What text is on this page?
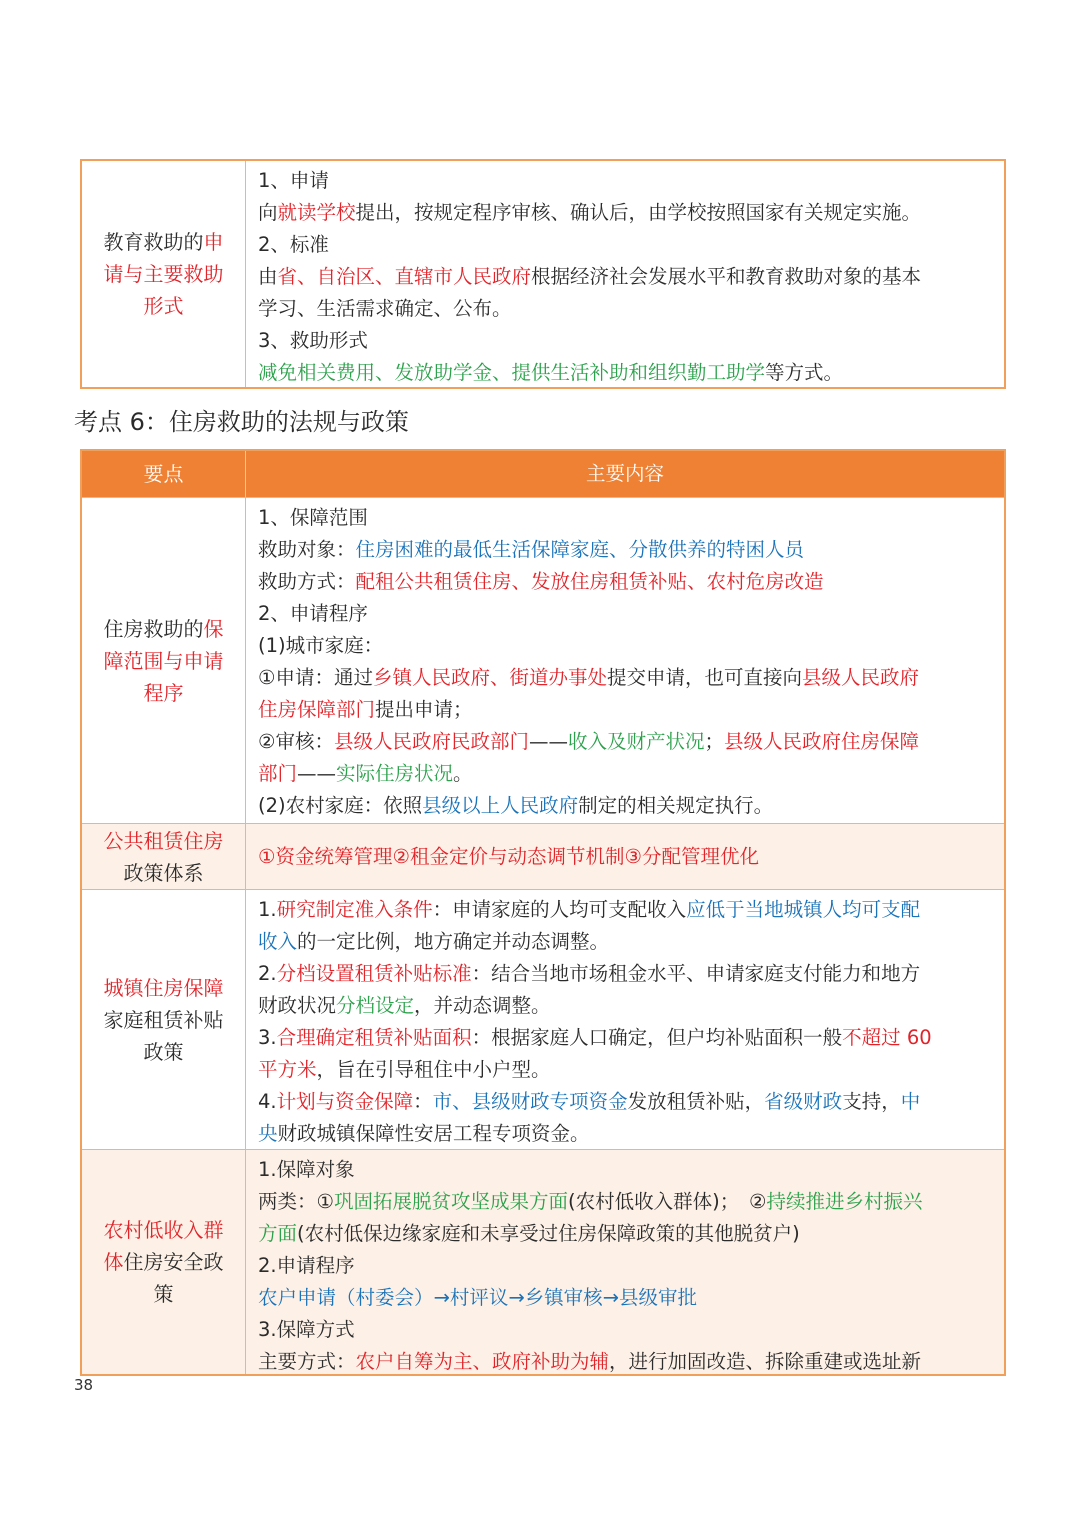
教育救助的申
请与主要救助
形式

1、申请

向就读学校提出，按规定程序审核、确认后，由学校按照国家有关规定实施。

2、标准

由省、自治区、直辖市人民政府根据经济社会发展水平和教育救助对象的基本

学习、生活需求确定、公布。

3、救助形式

减免相关费用、发放助学金、提供生活补助和组织勤工助学等方式。

考点 6：住房救助的法规与政策
要点	主要内容
住房救助的保
障范围与申请
程序

1、保障范围

救助对象：住房困难的最低生活保障家庭、分散供养的特困人员

救助方式：配租公共租赁住房、发放住房租赁补贴、农村危房改造

2、申请程序

(1)城市家庭：

①申请：通过乡镇人民政府、街道办事处提交申请，也可直接向县级人民政府

住房保障部门提出申请；

②审核：县级人民政府民政部门——收入及财产状况；县级人民政府住房保障

部门——实际住房状况。

(2)农村家庭：依照县级以上人民政府制定的相关规定执行。

公共租赁住房
政策体系

①资金统筹管理②租金定价与动态调节机制③分配管理优化

城镇住房保障
家庭租赁补贴
政策

1.研究制定准入条件：申请家庭的人均可支配收入应低于当地城镇人均可支配

收入的一定比例，地方确定并动态调整。

2.分档设置租赁补贴标准：结合当地市场租金水平、申请家庭支付能力和地方

财政状况分档设定，并动态调整。

3.合理确定租赁补贴面积：根据家庭人口确定，但户均补贴面积一般不超过 60

平方米，旨在引导租住中小户型。

4.计划与资金保障：市、县级财政专项资金发放租赁补贴，省级财政支持，中

央财政城镇保障性安居工程专项资金。

农村低收入群
体住房安全政
策

1.保障对象

两类：①巩固拓展脱贫攻坚成果方面(农村低收入群体)；　②持续推进乡村振兴

方面(农村低保边缘家庭和未享受过住房保障政策的其他脱贫户)

2.申请程序

农户申请（村委会）→村评议→乡镇审核→县级审批

3.保障方式

主要方式：农户自筹为主、政府补助为辅，进行加固改造、拆除重建或选址新

38
